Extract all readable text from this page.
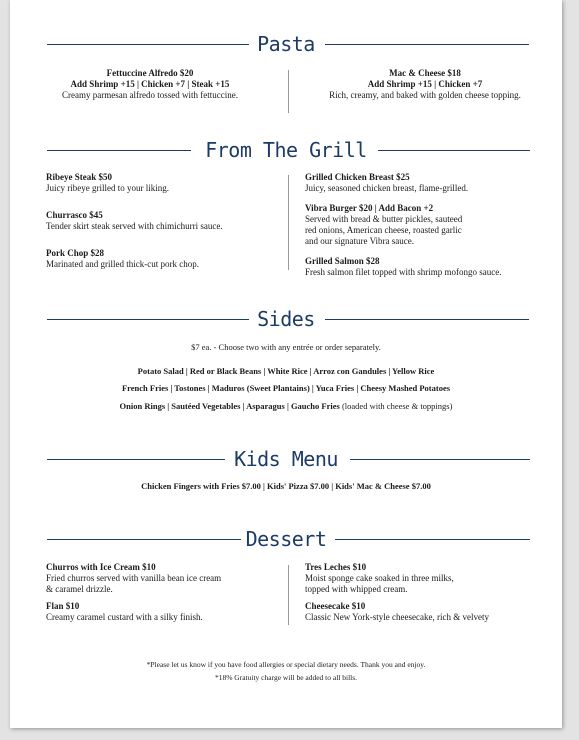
Pasta
Fettuccine Alfredo $20
Add Shrimp +15 | Chicken +7 | Steak +15
Creamy parmesan alfredo tossed with fettuccine.
Mac & Cheese $18
Add Shrimp +15 | Chicken +7
Rich, creamy, and baked with golden cheese topping.
From The Grill
Ribeye Steak $50
Juicy ribeye grilled to your liking.
Churrasco $45
Tender skirt steak served with chimichurri sauce.
Pork Chop $28
Marinated and grilled thick-cut pork chop.
Grilled Chicken Breast $25
Juicy, seasoned chicken breast, flame-grilled.
Vibra Burger $20 | Add Bacon +2
Served with bread & butter pickles, sauteed
red onions, American cheese, roasted garlic
and our signature Vibra sauce.
Grilled Salmon $28
Fresh salmon filet topped with shrimp mofongo sauce.
Sides
$7 ea. - Choose two with any entrée or order separately.
Potato Salad | Red or Black Beans | White Rice | Arroz con Gandules | Yellow Rice
French Fries | Tostones | Maduros (Sweet Plantains) | Yuca Fries | Cheesy Mashed Potatoes
Onion Rings | Sautéed Vegetables | Asparagus | Gaucho Fries (loaded with cheese & toppings)
Kids Menu
Chicken Fingers with Fries $7.00 | Kids' Pizza $7.00 | Kids' Mac & Cheese $7.00
Dessert
Churros with Ice Cream $10
Fried churros served with vanilla bean ice cream
& caramel drizzle.
Flan $10
Creamy caramel custard with a silky finish.
Tres Leches $10
Moist sponge cake soaked in three milks,
topped with whipped cream.
Cheesecake $10
Classic New York-style cheesecake, rich & velvety
*Please let us know if you have food allergies or special dietary needs. Thank you and enjoy.
*18% Gratuity charge will be added to all bills.
